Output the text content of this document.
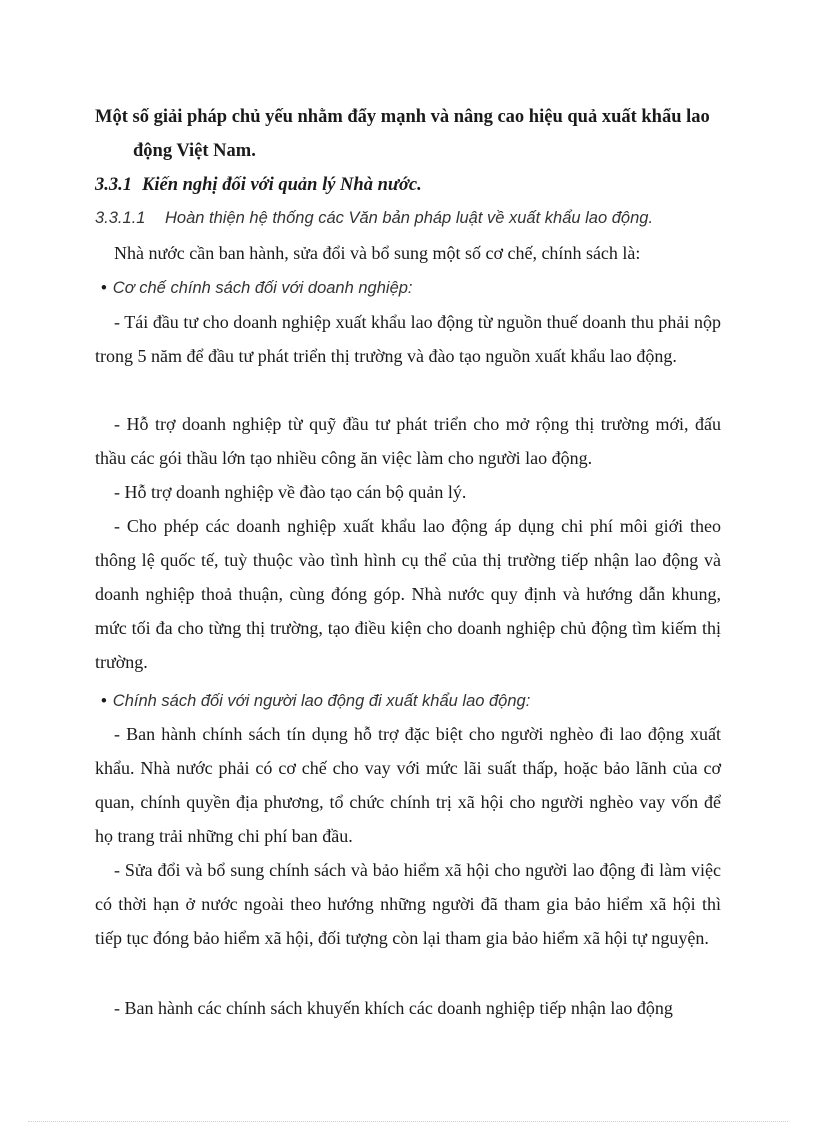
Một số giải pháp chủ yếu nhằm đẩy mạnh và nâng cao hiệu quả xuất khẩu lao
động Việt Nam.
3.3.1 Kiến nghị đối với quản lý Nhà nước.
3.3.1.1 Hoàn thiện hệ thống các Văn bản pháp luật về xuất khẩu lao động.
Nhà nước cần ban hành, sửa đổi và bổ sung một số cơ chế, chính sách là:
• Cơ chế chính sách đối với doanh nghiệp:
- Tái đầu tư cho doanh nghiệp xuất khẩu lao động từ nguồn thuế doanh thu phải nộp trong 5 năm để đầu tư phát triển thị trường và đào tạo nguồn xuất khẩu lao động.
- Hỗ trợ doanh nghiệp từ quỹ đầu tư phát triển cho mở rộng thị trường mới, đấu thầu các gói thầu lớn tạo nhiều công ăn việc làm cho người lao động.
- Hỗ trợ doanh nghiệp về đào tạo cán bộ quản lý.
- Cho phép các doanh nghiệp xuất khẩu lao động áp dụng chi phí môi giới theo thông lệ quốc tế, tuỳ thuộc vào tình hình cụ thể của thị trường tiếp nhận lao động và doanh nghiệp thoả thuận, cùng đóng góp. Nhà nước quy định và hướng dẫn khung, mức tối đa cho từng thị trường, tạo điều kiện cho doanh nghiệp chủ động tìm kiếm thị trường.
• Chính sách đối với người lao động đi xuất khẩu lao động:
- Ban hành chính sách tín dụng hỗ trợ đặc biệt cho người nghèo đi lao động xuất khẩu. Nhà nước phải có cơ chế cho vay với mức lãi suất thấp, hoặc bảo lãnh của cơ quan, chính quyền địa phương, tổ chức chính trị xã hội cho người nghèo vay vốn để họ trang trải những chi phí ban đầu.
- Sửa đổi và bổ sung chính sách và bảo hiểm xã hội cho người lao động đi làm việc có thời hạn ở nước ngoài theo hướng những người đã tham gia bảo hiểm xã hội thì tiếp tục đóng bảo hiểm xã hội, đối tượng còn lại tham gia bảo hiểm xã hội tự nguyện.
- Ban hành các chính sách khuyến khích các doanh nghiệp tiếp nhận lao động
